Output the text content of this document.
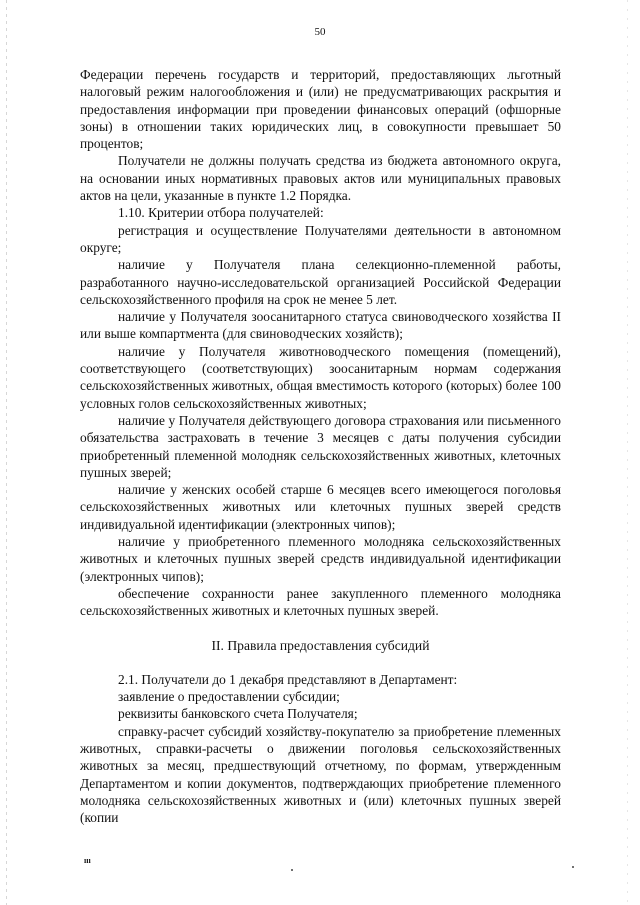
50

Федерации перечень государств и территорий, предоставляющих льготный налоговый режим налогообложения и (или) не предусматривающих раскрытия и предоставления информации при проведении финансовых операций (офшорные зоны) в отношении таких юридических лиц, в совокупности превышает 50 процентов;

Получатели не должны получать средства из бюджета автономного округа, на основании иных нормативных правовых актов или муниципальных правовых актов на цели, указанные в пункте 1.2 Порядка.

1.10. Критерии отбора получателей:

регистрация и осуществление Получателями деятельности в автономном округе;

наличие у Получателя плана селекционно-племенной работы, разработанного научно-исследовательской организацией Российской Федерации сельскохозяйственного профиля на срок не менее 5 лет.

наличие у Получателя зоосанитарного статуса свиноводческого хозяйства II или выше компартмента (для свиноводческих хозяйств);

наличие у Получателя животноводческого помещения (помещений), соответствующего (соответствующих) зоосанитарным нормам содержания сельскохозяйственных животных, общая вместимость которого (которых) более 100 условных голов сельскохозяйственных животных;

наличие у Получателя действующего договора страхования или письменного обязательства застраховать в течение 3 месяцев с даты получения субсидии приобретенный племенной молодняк сельскохозяйственных животных, клеточных пушных зверей;

наличие у женских особей старше 6 месяцев всего имеющегося поголовья сельскохозяйственных животных или клеточных пушных зверей средств индивидуальной идентификации (электронных чипов);

наличие у приобретенного племенного молодняка сельскохозяйственных животных и клеточных пушных зверей средств индивидуальной идентификации (электронных чипов);

обеспечение сохранности ранее закупленного племенного молодняка сельскохозяйственных животных и клеточных пушных зверей.

II. Правила предоставления субсидий

2.1. Получатели до 1 декабря представляют в Департамент:

заявление о предоставлении субсидии;

реквизиты банковского счета Получателя;

справку-расчет субсидий хозяйству-покупателю за приобретение племенных животных, справки-расчеты о движении поголовья сельскохозяйственных животных за месяц, предшествующий отчетному, по формам, утвержденным Департаментом и копии документов, подтверждающих приобретение племенного молодняка сельскохозяйственных животных и (или) клеточных пушных зверей (копии

ııı
